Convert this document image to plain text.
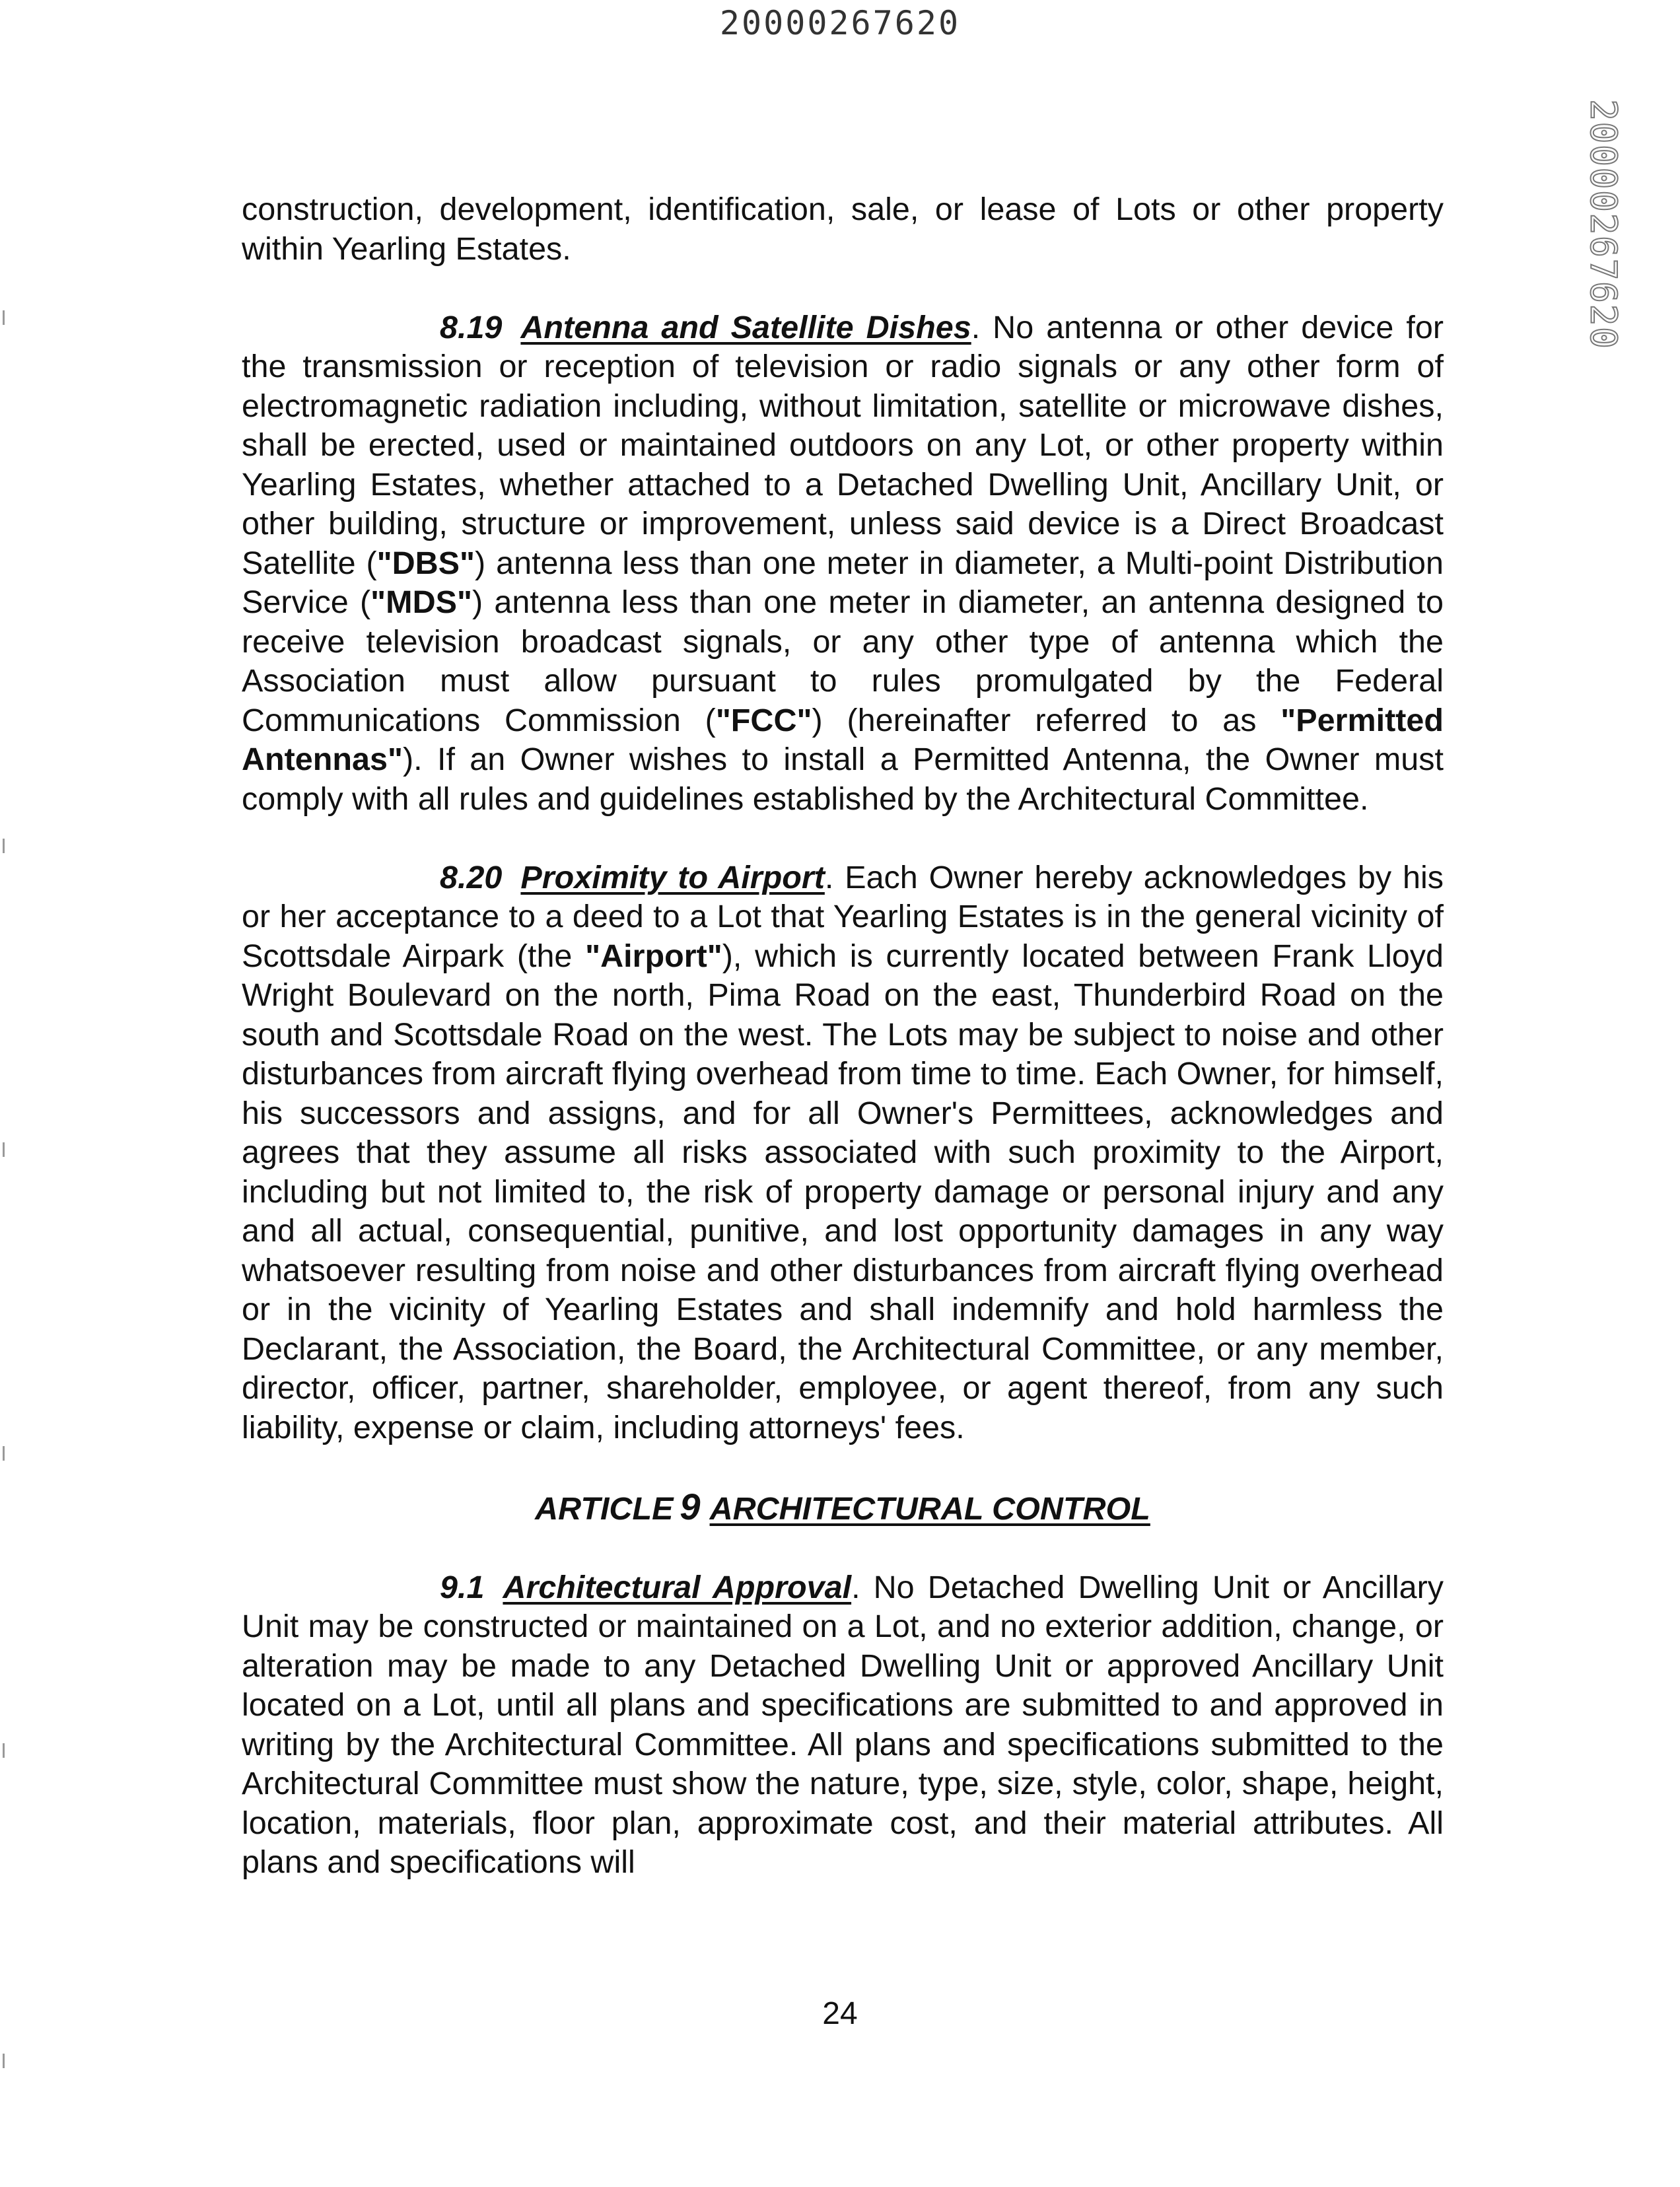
20000267620
20000267620

construction, development, identification, sale, or lease of Lots or other property within Yearling Estates.

8.19 Antenna and Satellite Dishes. No antenna or other device for the transmission or reception of television or radio signals or any other form of electromagnetic radiation including, without limitation, satellite or microwave dishes, shall be erected, used or maintained outdoors on any Lot, or other property within Yearling Estates, whether attached to a Detached Dwelling Unit, Ancillary Unit, or other building, structure or improvement, unless said device is a Direct Broadcast Satellite ("DBS") antenna less than one meter in diameter, a Multi-point Distribution Service ("MDS") antenna less than one meter in diameter, an antenna designed to receive television broadcast signals, or any other type of antenna which the Association must allow pursuant to rules promulgated by the Federal Communications Commission ("FCC") (hereinafter referred to as "Permitted Antennas"). If an Owner wishes to install a Permitted Antenna, the Owner must comply with all rules and guidelines established by the Architectural Committee.

8.20 Proximity to Airport. Each Owner hereby acknowledges by his or her acceptance to a deed to a Lot that Yearling Estates is in the general vicinity of Scottsdale Airpark (the "Airport"), which is currently located between Frank Lloyd Wright Boulevard on the north, Pima Road on the east, Thunderbird Road on the south and Scottsdale Road on the west. The Lots may be subject to noise and other disturbances from aircraft flying overhead from time to time. Each Owner, for himself, his successors and assigns, and for all Owner's Permittees, acknowledges and agrees that they assume all risks associated with such proximity to the Airport, including but not limited to, the risk of property damage or personal injury and any and all actual, consequential, punitive, and lost opportunity damages in any way whatsoever resulting from noise and other disturbances from aircraft flying overhead or in the vicinity of Yearling Estates and shall indemnify and hold harmless the Declarant, the Association, the Board, the Architectural Committee, or any member, director, officer, partner, shareholder, employee, or agent thereof, from any such liability, expense or claim, including attorneys' fees.

ARTICLE 9 ARCHITECTURAL CONTROL

9.1 Architectural Approval. No Detached Dwelling Unit or Ancillary Unit may be constructed or maintained on a Lot, and no exterior addition, change, or alteration may be made to any Detached Dwelling Unit or approved Ancillary Unit located on a Lot, until all plans and specifications are submitted to and approved in writing by the Architectural Committee. All plans and specifications submitted to the Architectural Committee must show the nature, type, size, style, color, shape, height, location, materials, floor plan, approximate cost, and their material attributes. All plans and specifications will

24
